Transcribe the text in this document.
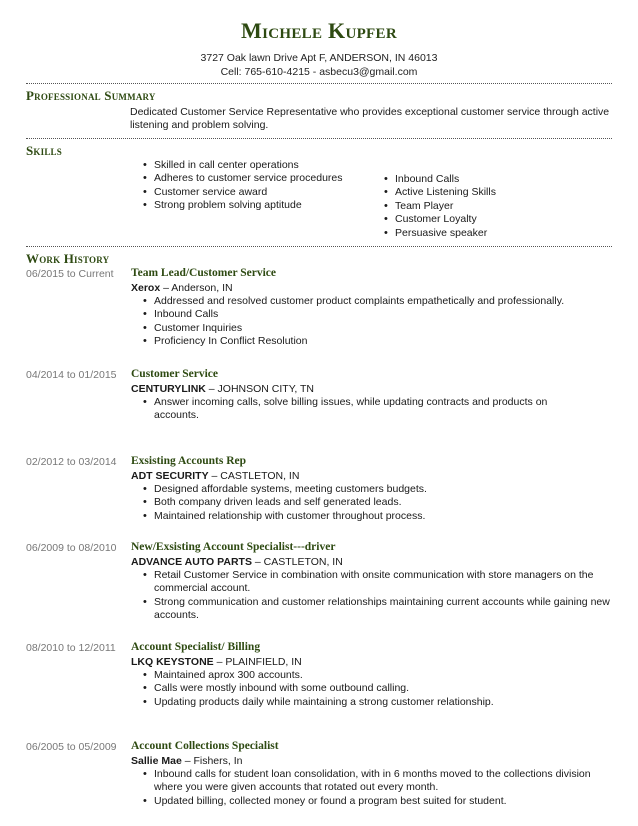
Michele Kupfer
3727 Oak lawn Drive Apt F, ANDERSON, IN 46013
Cell: 765-610-4215 - asbecu3@gmail.com
Professional Summary
Dedicated Customer Service Representative who provides exceptional customer service through active listening and problem solving.
Skills
• Skilled in call center operations
• Adheres to customer service procedures
• Customer service award
• Strong problem solving aptitude
• Inbound Calls
• Active Listening Skills
• Team Player
• Customer Loyalty
• Persuasive speaker
Work History
06/2015 to Current Team Lead/Customer Service
Xerox – Anderson, IN
• Addressed and resolved customer product complaints empathetically and professionally.
• Inbound Calls
• Customer Inquiries
• Proficiency In Conflict Resolution
04/2014 to 01/2015 Customer Service
CENTURYLINK – JOHNSON CITY, TN
• Answer incoming calls, solve billing issues, while updating contracts and products on accounts.
02/2012 to 03/2014 Exsisting Accounts Rep
ADT SECURITY – CASTLETON, IN
• Designed affordable systems, meeting customers budgets.
• Both company driven leads and self generated leads.
• Maintained relationship with customer throughout process.
06/2009 to 08/2010 New/Exsisting Account Specialist---driver
ADVANCE AUTO PARTS – CASTLETON, IN
• Retail Customer Service in combination with onsite communication with store managers on the commercial account.
• Strong communication and customer relationships maintaining current accounts while gaining new accounts.
08/2010 to 12/2011 Account Specialist/ Billing
LKQ KEYSTONE – PLAINFIELD, IN
• Maintained aprox 300 accounts.
• Calls were mostly inbound with some outbound calling.
• Updating products daily while maintaining a strong customer relationship.
06/2005 to 05/2009 Account Collections Specialist
Sallie Mae – Fishers, In
• Inbound calls for student loan consolidation, with in 6 months moved to the collections division where you were given accounts that rotated out every month.
• Updated billing, collected money or found a program best suited for student.
